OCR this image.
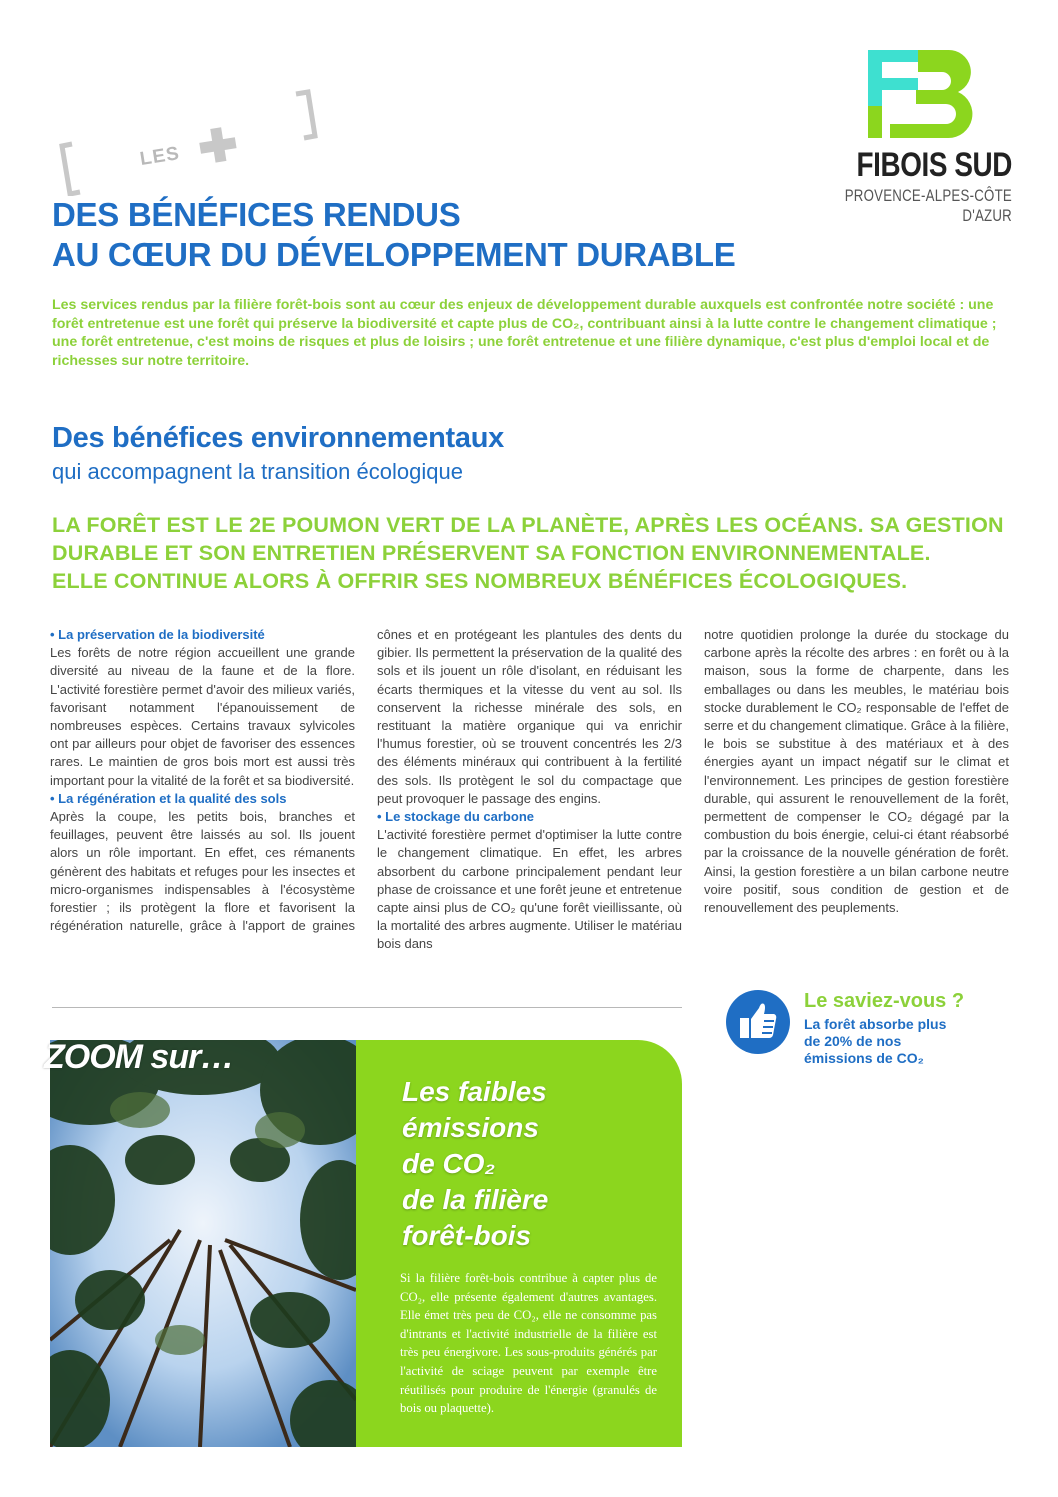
FIBOIS SUD
PROVENCE-ALPES-CÔTE D'AZUR
LES
DES BÉNÉFICES RENDUS
AU CŒUR DU DÉVELOPPEMENT DURABLE
Les services rendus par la filière forêt-bois sont au cœur des enjeux de développement durable auxquels est confrontée notre société : une forêt entretenue est une forêt qui préserve la biodiversité et capte plus de CO₂, contribuant ainsi à la lutte contre le changement climatique ; une forêt entretenue, c'est moins de risques et plus de loisirs ; une forêt entretenue et une filière dynamique, c'est plus d'emploi local et de richesses sur notre territoire.
Des bénéfices environnementaux
qui accompagnent la transition écologique
LA FORÊT EST LE 2E POUMON VERT DE LA PLANÈTE, APRÈS LES OCÉANS. SA GESTION
DURABLE ET SON ENTRETIEN PRÉSERVENT SA FONCTION ENVIRONNEMENTALE.
ELLE CONTINUE ALORS À OFFRIR SES NOMBREUX BÉNÉFICES ÉCOLOGIQUES.

• La préservation de la biodiversité

Les forêts de notre région accueillent une grande diversité au niveau de la faune et de la flore. L'activité forestière permet d'avoir des milieux variés, favorisant notamment l'épanouissement de nombreuses espèces. Certains travaux sylvicoles ont par ailleurs pour objet de favoriser des essences rares. Le maintien de gros bois mort est aussi très important pour la vitalité de la forêt et sa biodiversité.

• La régénération et la qualité des sols

Après la coupe, les petits bois, branches et feuillages, peuvent être laissés au sol. Ils jouent alors un rôle important. En effet, ces rémanents génèrent des habitats et refuges pour les insectes et micro-organismes indispensables à l'écosystème forestier ; ils protègent la flore et favorisent la régénération naturelle, grâce à l'apport de graines

cônes et en protégeant les plantules des dents du gibier. Ils permettent la préservation de la qualité des sols et ils jouent un rôle d'isolant, en réduisant les écarts thermiques et la vitesse du vent au sol. Ils conservent la richesse minérale des sols, en restituant la matière organique qui va enrichir l'humus forestier, où se trouvent concentrés les 2/3 des éléments minéraux qui contribuent à la fertilité des sols. Ils protègent le sol du compactage que peut provoquer le passage des engins.

• Le stockage du carbone

L'activité forestière permet d'optimiser la lutte contre le changement climatique. En effet, les arbres absorbent du carbone principalement pendant leur phase de croissance et une forêt jeune et entretenue capte ainsi plus de CO₂ qu'une forêt vieillissante, où la mortalité des arbres augmente. Utiliser le matériau bois dans

notre quotidien prolonge la durée du stockage du carbone après la récolte des arbres : en forêt ou à la maison, sous la forme de charpente, dans les emballages ou dans les meubles, le matériau bois stocke durablement le CO₂ responsable de l'effet de serre et du changement climatique. Grâce à la filière, le bois se substitue à des matériaux et à des énergies ayant un impact négatif sur le climat et l'environnement. Les principes de gestion forestière durable, qui assurent le renouvellement de la forêt, permettent de compenser le CO₂ dégagé par la combustion du bois énergie, celui-ci étant réabsorbé par la croissance de la nouvelle génération de forêt. Ainsi, la gestion forestière a un bilan carbone neutre voire positif, sous condition de gestion et de renouvellement des peuplements.

Le saviez-vous ?
La forêt absorbe plus de 20% de nos émissions de CO₂
ZOOM sur…
Les faibles
émissions
de CO₂
de la filière
forêt-bois
Si la filière forêt-bois contribue à capter plus de CO₂, elle présente également d'autres avantages. Elle émet très peu de CO₂, elle ne consomme pas d'intrants et l'activité industrielle de la filière est très peu énergivore. Les sous-produits générés par l'activité de sciage peuvent par exemple être réutilisés pour produire de l'énergie (granulés de bois ou plaquette).
